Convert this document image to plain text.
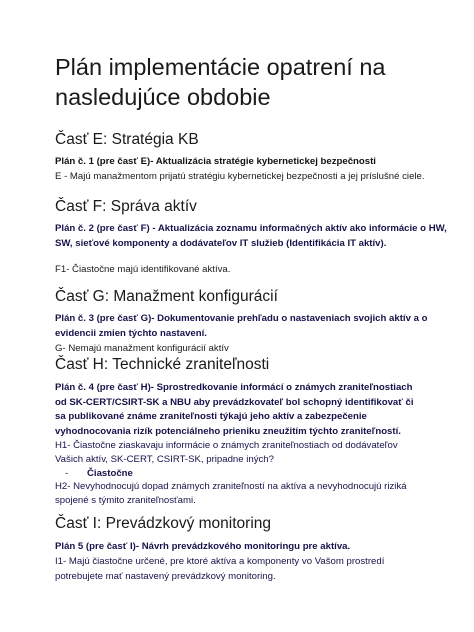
Plán implementácie opatrení na
nasledujúce obdobie
Časť E: Stratégia KB

Plán č. 1 (pre časť E)- Aktualizácia stratégie kybernetickej bezpečnosti

E - Majú manažmentom prijatú stratégiu kybernetickej bezpečnosti a jej príslušné ciele.

Časť F: Správa aktív

Plán č. 2 (pre časť F) - Aktualizácia zoznamu informačných aktív ako informácie o HW,

SW, sieťové komponenty a dodávateľov IT služieb (Identifikácia IT aktív).

F1- Čiastočne majú identifikované aktíva.

Časť G: Manažment konfigurácií

Plán č. 3 (pre časť G)- Dokumentovanie prehľadu o nastaveniach svojich aktív a o

evidencii zmien týchto nastavení.

G- Nemajú manažment konfigurácií aktív

Časť H: Technické zraniteľnosti

Plán č. 4 (pre časť H)- Sprostredkovanie informácí o známych zraniteľnostiach

od SK-CERT/CSIRT-SK a NBU aby prevádzkovateľ bol schopný identifikovať či

sa publikované známe zraniteľnosti týkajú jeho aktív a zabezpečenie

vyhodnocovania rizík potenciálneho prieniku zneužitím týchto zraniteľností.

H1- Čiastočne ziaskavaju informácie o známych zraniteľnostiach od dodávateľov

Vašich aktív, SK-CERT, CSIRT-SK, pripadne iných?

- Čiastočne

H2- Nevyhodnocujú dopad známych zraniteľností na aktíva a nevyhodnocujú riziká

spojené s týmito zraniteľnosťami.

Časť I: Prevádzkový monitoring

Plán 5 (pre časť I)- Návrh prevádzkového monitoringu pre aktíva.

I1- Majú čiastočne určené, pre ktoré aktíva a komponenty vo Vašom prostredí

potrebujete mať nastavený prevádzkový monitoring.
